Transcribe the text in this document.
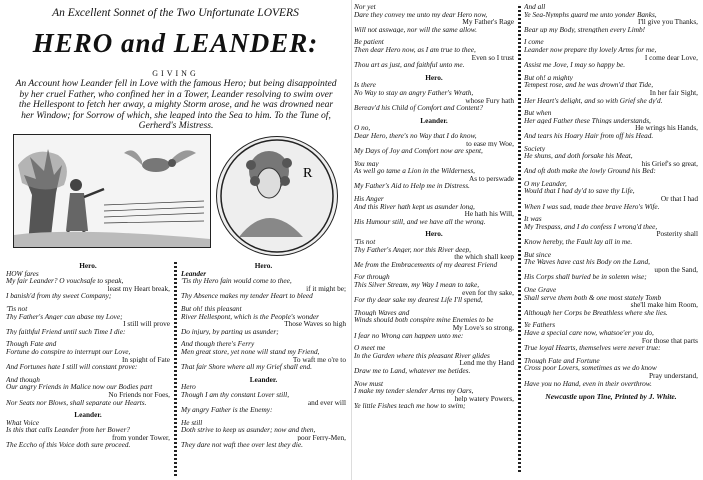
An Excellent Sonnet of the Two Unfortunate LOVERS
HERO and LEANDER:
GIVING
An Account how Leander fell in Love with the famous Hero; but being disappointed by her cruel Father, who confined her in a Tower, Leander resolving to swim over the Hellespont to fetch her away, a mighty Storm arose, and he was drowned near her Window; for Sorrow of which, she leaped into the Sea to him. To the Tune of, Gerherd's Mistress.
R
Hero.
HOW fares
My fair Leander? O vouchsafe to speak,
least my Heart break,
I banish'd from thy sweet Company;
'Tis not
Thy Father's Anger can abase my Love;
I still will prove
Thy faithful Friend until such Time I die:
Though Fate and
Fortune do conspire to interrupt our Love,
In spight of Fate
And Fortunes hate I still will constant prove:
And though
Our angry Friends in Malice now our Bodies part
No Friends nor Foes,
Nor Seats nor Blows, shall separate our Hearts.
Leander.
What Voice
Is this that calls Leander from her Bower?
from yonder Tower,
The Eccho of this Voice doth sure proceed.
Hero.
Leander
'Tis thy Hero fain would come to thee,
if it might be;
Thy Absence makes my tender Heart to bleed
But oh! this pleasant
River Hellespont, which is the People's wonder
Those Waves so high
Do injury, by parting us asunder;
And though there's Ferry
Men great store, yet none will stand my Friend,
To waft me o're to
That fair Shore where all my Grief shall end.
Leander.
Hero
Though I am thy constant Lover still,
and ever will
My angry Father is the Enemy:
He still
Doth strive to keep us asunder; now and then,
poor Ferry-Men,
They dare not waft thee over lest they die.
Nor yet
Dare they convey me unto my dear Hero now,
My Father's Rage
Will not asswage, nor will the same allow.
Be patient
Then dear Hero now, as I am true to thee,
Even so I trust
Thou art as just, and faithful unto me.
Hero.
Is there
No Way to stay an angry Father's Wrath,
whose Fury hath
Bereav'd his Child of Comfort and Content?
Leander.
O no,
Dear Hero, there's no Way that I do know,
to ease my Woe,
My Days of Joy and Comfort now are spent,
You may
As well go tame a Lion in the Wilderness,
As to perswade
My Father's Aid to Help me in Distress.
His Anger
And this River hath kept us asunder long,
He hath his Will,
His Humour still, and we have all the wrong.
Hero.
'Tis not
Thy Father's Anger, nor this River deep,
the which shall keep
Me from the Embracements of my dearest Friend
For through
This Silver Stream, my Way I mean to take,
even for thy sake,
For thy dear sake my dearest Life I'll spend,
Though Waves and
Winds should both conspire mine Enemies to be
My Love's so strong,
I fear no Wrong can happen unto me:
O meet me
In the Garden where this pleasant River glides
Lend me thy Hand
Draw me to Land, whatever me betides.
Now must
I make my tender slender Arms my Oars,
help watery Powers,
Ye little Fishes teach me how to swim;
And all
Ye Sea-Nymphs guard me unto yonder Banks,
I'll give you Thanks,
Bear up my Body, strengthen every Limb!
I come
Leander now prepare thy lovely Arms for me,
I come dear Love,
Assist me Jove, I may so happy be.
But oh! a mighty
Tempest rose, and he was drown'd that Tide,
In her fair Sight,
Her Heart's delight, and so with Grief she dy'd.
But when
Her aged Father these Things understands,
He wrings his Hands,
And tears his Hoary Hair from off his Head.
Society
He shuns, and doth forsake his Meat,
his Grief's so great,
And oft doth make the lowly Ground his Bed:
O my Leander,
Would that I had dy'd to save thy Life,
Or that I had
When I was sad, made thee brave Hero's Wife.
It was
My Trespass, and I do confess I wrong'd thee,
Posterity shall
Know hereby, the Fault lay all in me.
But since
The Waves have cast his Body on the Land,
upon the Sand,
His Corps shall buried be in solemn wise;
One Grave
Shall serve them both & one most stately Tomb
she'll make him Room,
Although her Corps be Breathless where she lies.
Ye Fathers
Have a special care now, whatsoe'er you do,
For those that parts
True loyal Hearts, themselves were never true:
Though Fate and Fortune
Cross poor Lovers, sometimes as we do know
Pray understand,
Have you no Hand, even in their overthrow.
Newcastle upon Tine, Printed by J. White.
